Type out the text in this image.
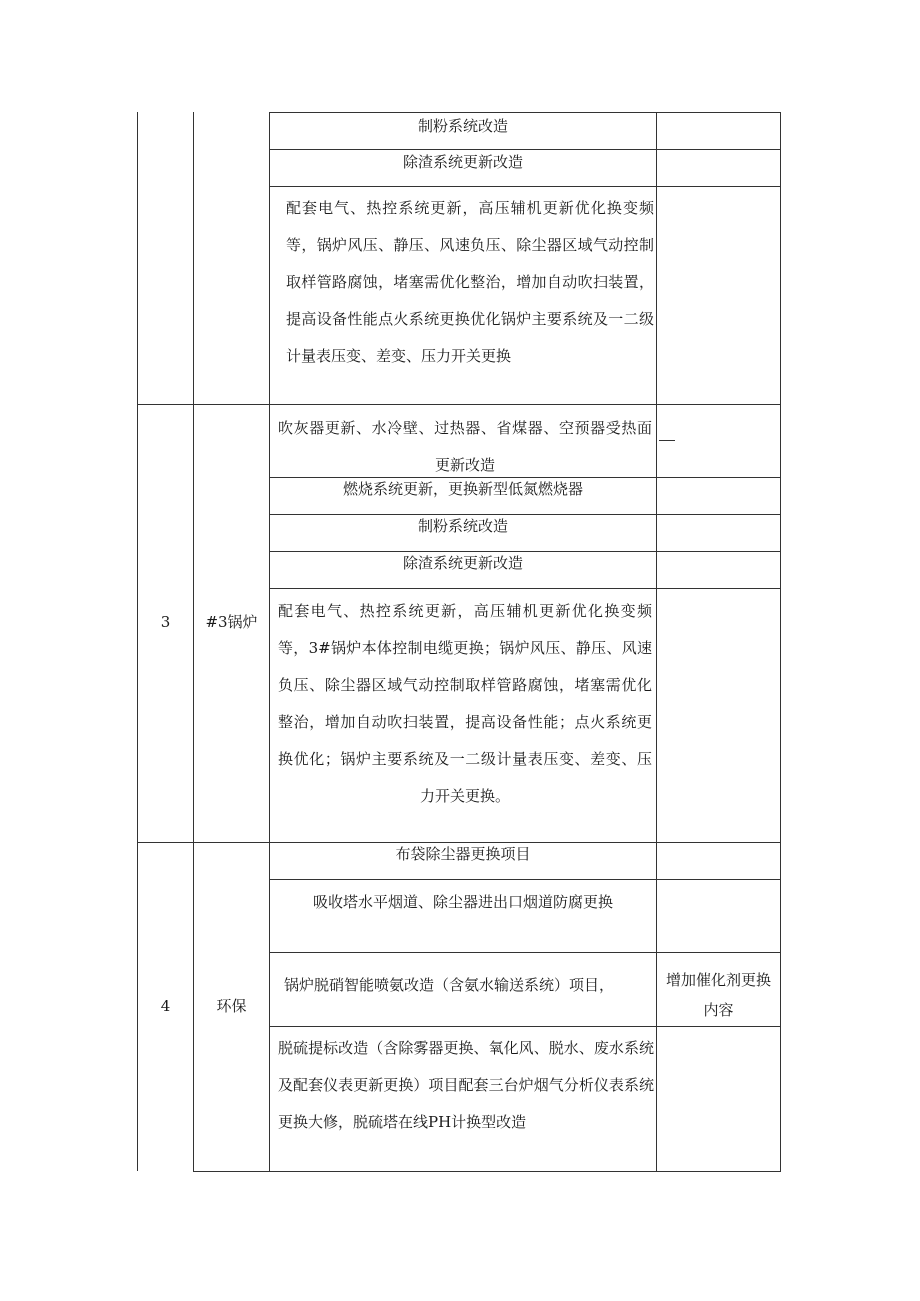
制粉系统改造
除渣系统更新改造
配套电气、热控系统更新，高压辅机更新优化换变频等，锅炉风压、静压、风速负压、除尘器区域气动控制取样管路腐蚀，堵塞需优化整治，增加自动吹扫装置，提高设备性能点火系统更换优化锅炉主要系统及一二级计量表压变、差变、压力开关更换
3	#3锅炉
吹灰器更新、水冷壁、过热器、省煤器、空预器受热面更新改造
燃烧系统更新，更换新型低氮燃烧器
制粉系统改造
除渣系统更新改造
配套电气、热控系统更新，高压辅机更新优化换变频等，3#锅炉本体控制电缆更换；锅炉风压、静压、风速负压、除尘器区域气动控制取样管路腐蚀，堵塞需优化整治，增加自动吹扫装置，提高设备性能；点火系统更换优化；锅炉主要系统及一二级计量表压变、差变、压力开关更换。
4	环保
布袋除尘器更换项目
吸收塔水平烟道、除尘器进出口烟道防腐更换
锅炉脱硝智能喷氨改造（含氨水输送系统）项目，
脱硫提标改造（含除雾器更换、氧化风、脱水、废水系统及配套仪表更新更换）项目配套三台炉烟气分析仪表系统更换大修，脱硫塔在线PH计换型改造
增加催化剂更换内容
